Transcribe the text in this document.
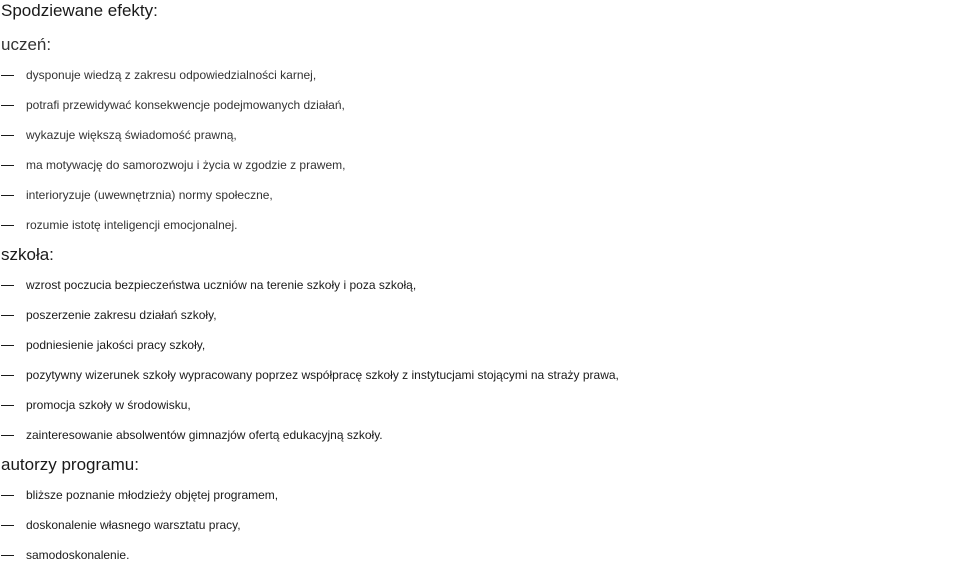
Spodziewane efekty:
uczeń:
dysponuje wiedzą z zakresu odpowiedzialności karnej,
potrafi przewidywać konsekwencje podejmowanych działań,
wykazuje większą świadomość prawną,
ma motywację do samorozwoju i życia w zgodzie z prawem,
interioryzuje (uwewnętrznia) normy społeczne,
rozumie istotę inteligencji emocjonalnej.
szkoła:
wzrost poczucia bezpieczeństwa uczniów na terenie szkoły i poza szkołą,
poszerzenie zakresu działań szkoły,
podniesienie jakości pracy szkoły,
pozytywny wizerunek szkoły wypracowany poprzez współpracę szkoły z instytucjami stojącymi na straży prawa,
promocja szkoły w środowisku,
zainteresowanie absolwentów gimnazjów ofertą edukacyjną szkoły.
autorzy programu:
bliższe poznanie młodzieży objętej programem,
doskonalenie własnego warsztatu pracy,
samodoskonalenie.
